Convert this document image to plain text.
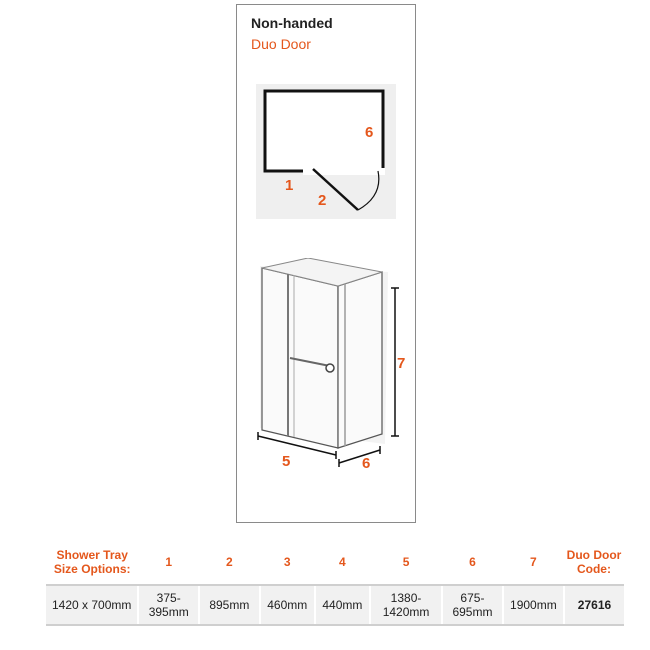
Non-handed
Duo Door
6
1
2
7
5	6
Shower Tray Size Options:	1	2	3	4	5	6	7	Duo Door Code:
1420 x 700mm	375-395mm	895mm	460mm	440mm	1380-1420mm	675-695mm	1900mm	27616
